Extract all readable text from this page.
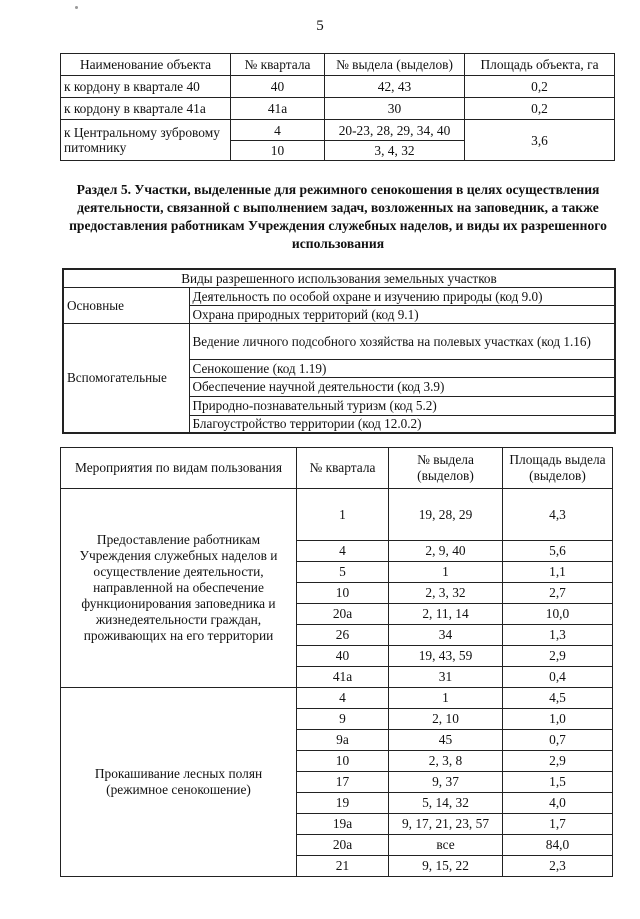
5
Наименование объекта	№ квартала	№ выдела (выделов)	Площадь объекта, га
к кордону в квартале 40	40	42, 43	0,2
к кордону в квартале 41а	41а	30	0,2
к Центральному зубровому питомнику	4	20-23, 28, 29, 34, 40	3,6
	10	3, 4, 32	
Раздел 5. Участки, выделенные для режимного сенокошения в целях осуществления деятельности, связанной с выполнением задач, возложенных на заповедник, а также предоставления работникам Учреждения служебных наделов, и виды их разрешенного использования
Виды разрешенного использования земельных участков	
Основные	Деятельность по особой охране и изучению природы (код 9.0)
	Охрана природных территорий (код 9.1)
Вспомогательные	Ведение личного подсобного хозяйства на полевых участках (код 1.16)
	Сенокошение (код 1.19)
	Обеспечение научной деятельности (код 3.9)
	Природно-познавательный туризм (код 5.2)
	Благоустройство территории (код 12.0.2)
Мероприятия по видам пользования	№ квартала	№ выдела (выделов)	Площадь выдела (выделов)
Предоставление работникам Учреждения служебных наделов и осуществление деятельности, направленной на обеспечение функционирования заповедника и жизнедеятельности граждан, проживающих на его территории	1	19, 28, 29	4,3
	4	2, 9, 40	5,6
	5	1	1,1
	10	2, 3, 32	2,7
	20а	2, 11, 14	10,0
	26	34	1,3
	40	19, 43, 59	2,9
	41а	31	0,4
Прокашивание лесных полян (режимное сенокошение)	4	1	4,5
	9	2, 10	1,0
	9а	45	0,7
	10	2, 3, 8	2,9
	17	9, 37	1,5
	19	5, 14, 32	4,0
	19а	9, 17, 21, 23, 57	1,7
	20а	все	84,0
	21	9, 15, 22	2,3
